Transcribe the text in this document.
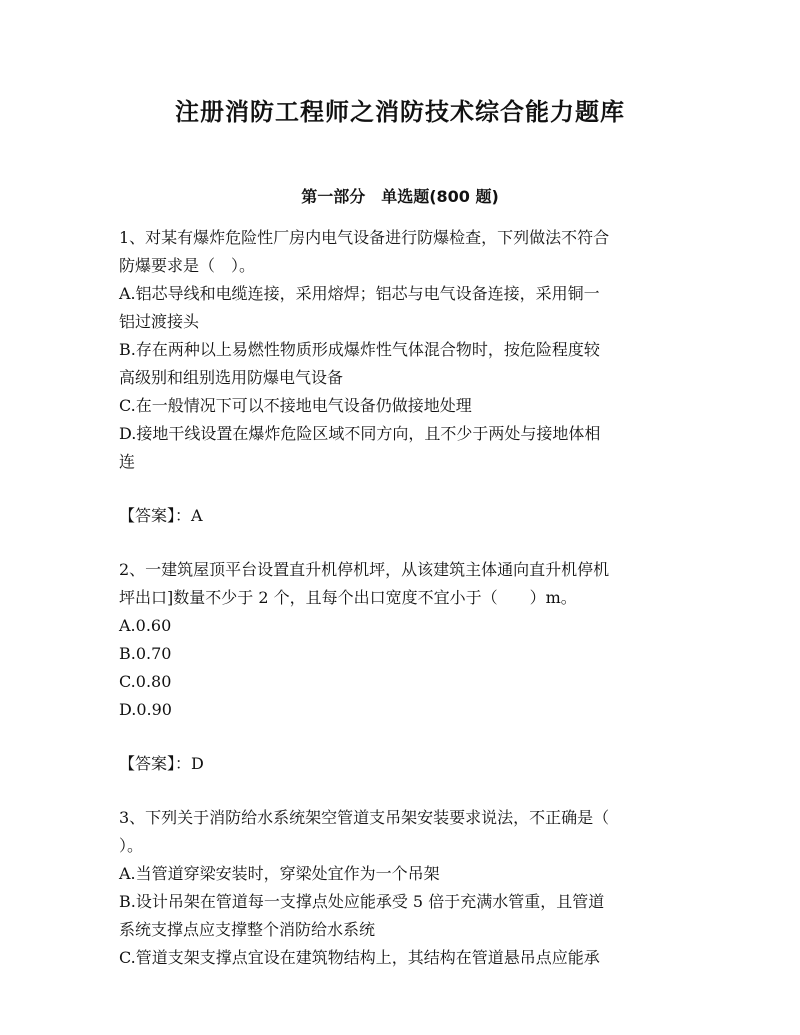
注册消防工程师之消防技术综合能力题库
第一部分　单选题(800 题)
1、对某有爆炸危险性厂房内电气设备进行防爆检查，下列做法不符合
防爆要求是（　）。
A.铝芯导线和电缆连接，采用熔焊；铝芯与电气设备连接，采用铜一
铝过渡接头
B.存在两种以上易燃性物质形成爆炸性气体混合物时，按危险程度较
高级别和组别选用防爆电气设备
C.在一般情况下可以不接地电气设备仍做接地处理
D.接地干线设置在爆炸危险区域不同方向，且不少于两处与接地体相
连
【答案】：A
2、一建筑屋顶平台设置直升机停机坪，从该建筑主体通向直升机停机
坪出口]数量不少于 2 个，且每个出口宽度不宜小于（　　）m。
A.0.60
B.0.70
C.0.80
D.0.90
【答案】：D
3、下列关于消防给水系统架空管道支吊架安装要求说法，不正确是（
）。
A.当管道穿梁安装时，穿梁处宜作为一个吊架
B.设计吊架在管道每一支撑点处应能承受 5 倍于充满水管重，且管道
系统支撑点应支撑整个消防给水系统
C.管道支架支撑点宜设在建筑物结构上，其结构在管道悬吊点应能承
